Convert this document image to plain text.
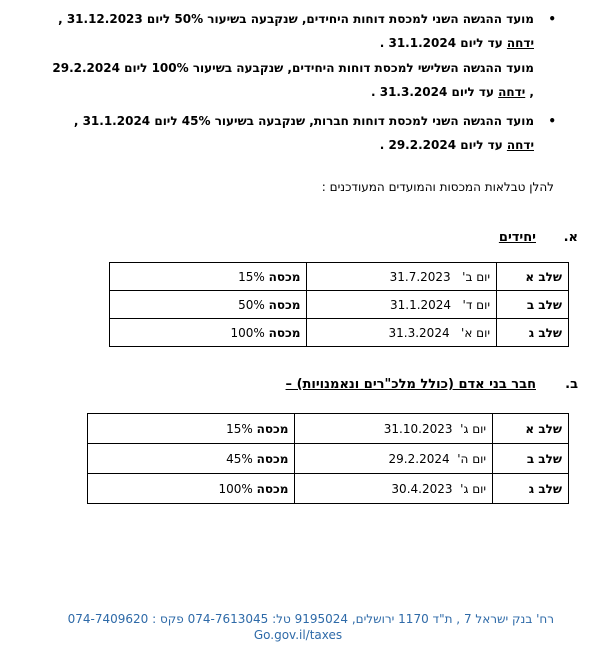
•
מועד ההגשה השני למכסת דוחות היחידים, שנקבעה בשיעור 50% ליום 31.12.2023 ,
ידחה עד ליום 31.1.2024 .
מועד ההגשה השלישי למכסת דוחות היחידים, שנקבעה בשיעור 100% ליום 29.2.2024
, ידחה עד ליום 31.3.2024 .
•
מועד ההגשה השני למכסת דוחות חברות, שנקבעה בשיעור 45% ליום 31.1.2024 ,
ידחה עד ליום 29.2.2024 .
להלן טבלאות המכסות והמועדים המעודכנים :
א.
יחידים
שלב א	יום ב'   31.7.2023	מכסה 15%
שלב ב	יום ד'   31.1.2024	מכסה 50%
שלב ג	יום א'   31.3.2024	מכסה 100%
ב.
חבר בני אדם (כולל מלכ"רים ונאמנויות) –
שלב א	יום ג'  31.10.2023	מכסה 15%
שלב ב	יום ה'  29.2.2024	מכסה 45%
שלב ג	יום ג'  30.4.2023	מכסה 100%
רח' בנק ישראל 7 , ת"ד 1170 ירושלים, 9195024 טל: 074-7613045 פקס : 074-7409620
Go.gov.il/taxes
